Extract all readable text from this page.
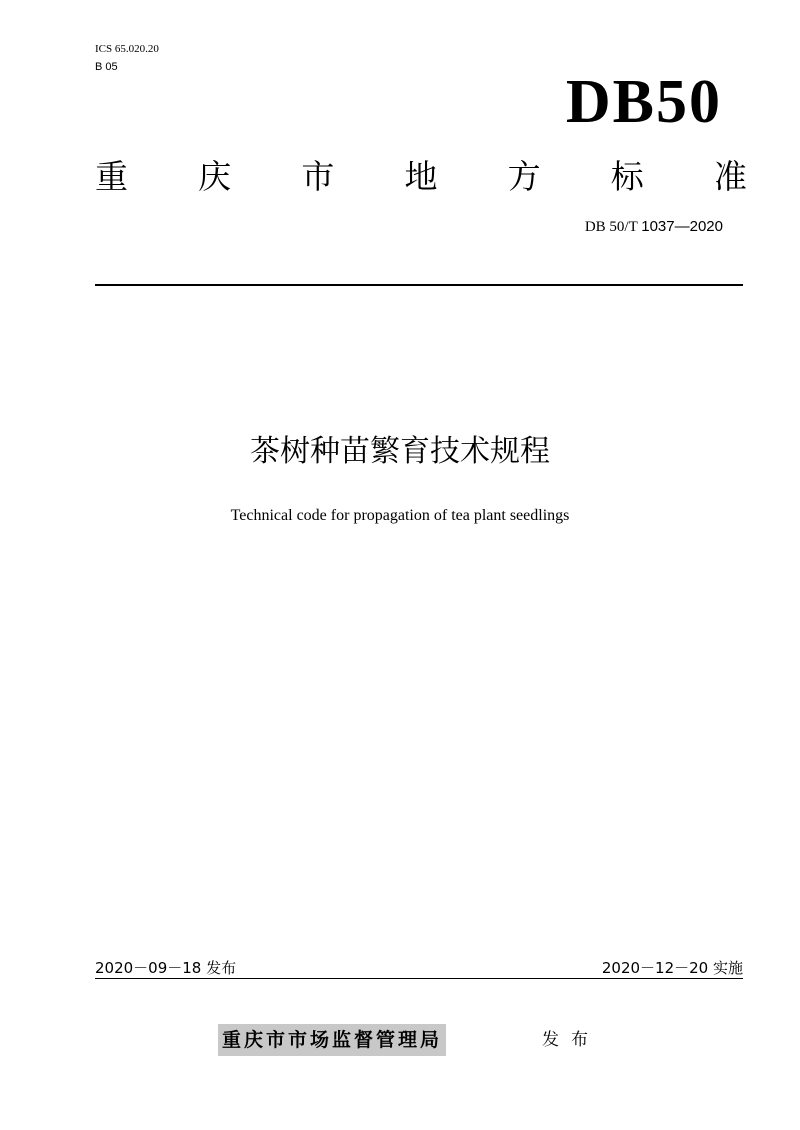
ICS 65.020.20
B 05
DB50
重 庆 市 地 方 标 准
DB 50/T 1037—2020
茶树种苗繁育技术规程
Technical code for propagation of tea plant seedlings
2020－09－18 发布	2020－12－20 实施
重庆市市场监督管理局	发布
